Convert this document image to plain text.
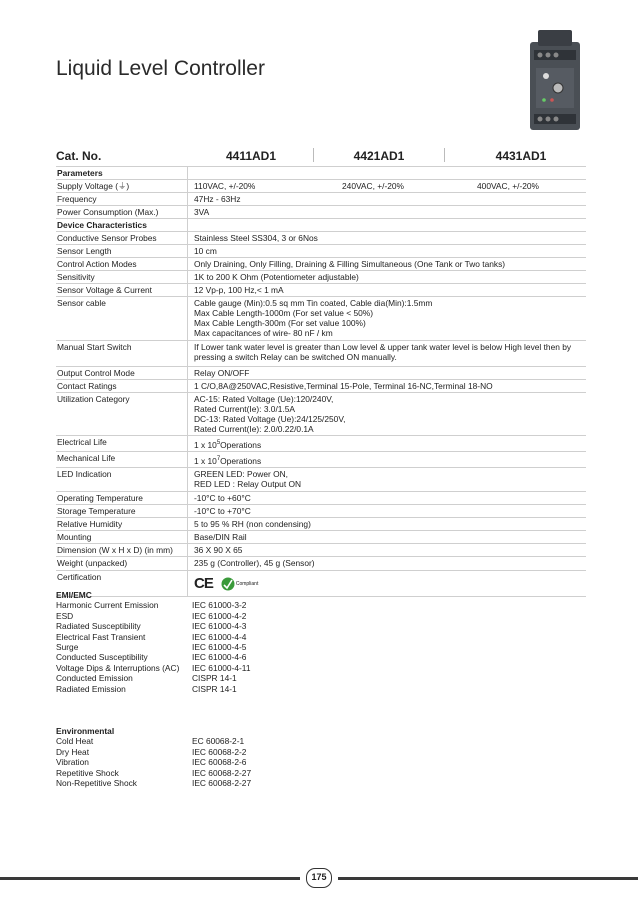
Liquid Level Controller
Cat. No.	4411AD1	4421AD1	4431AD1
Parameters
Supply Voltage (⏚)	110VAC, +/-20%	240VAC, +/-20%	400VAC, +/-20%
Frequency	47Hz - 63Hz
Power Consumption (Max.)	3VA
Device Characteristics
Conductive Sensor Probes	Stainless Steel SS304, 3 or 6Nos
Sensor Length	10 cm
Control Action Modes	Only Draining, Only Filling, Draining & Filling Simultaneous (One Tank or Two tanks)
Sensitivity	1K to 200 K Ohm (Potentiometer adjustable)
Sensor Voltage & Current	12 Vp-p, 100 Hz,< 1 mA
Sensor cable	Cable gauge (Min):0.5 sq mm Tin coated, Cable dia(Min):1.5mm
Max Cable Length-1000m (For set value < 50%)
Max Cable Length-300m (For set value 100%)
Max capacitances of wire- 80 nF / km

Manual Start Switch	If Lower tank water level is greater than Low level & upper tank water level is below High level then by pressing a switch Relay can be switched ON manually.

Output Control Mode	Relay ON/OFF
Contact Ratings	1 C/O,8A@250VAC,Resistive,Terminal 15-Pole, Terminal 16-NC,Terminal 18-NO
Utilization Category	AC-15: Rated Voltage (Ue):120/240V,
Rated Current(Ie): 3.0/1.5A
DC-13: Rated Voltage (Ue):24/125/250V,
Rated Current(Ie): 2.0/0.22/0.1A

Electrical Life	1 x $10^5Operations$
Mechanical Life	1 x $10^7Operations$
LED Indication	GREEN LED: Power ON,
RED LED : Relay Output ON

Operating Temperature	-10°C to +60°C
Storage Temperature	-10°C to +70°C
Relative Humidity	5 to 95 % RH (non condensing)
Mounting	Base/DIN Rail
Dimension (W x H x D) (in mm)	36 X 90 X 65
Weight (unpacked)	235 g (Controller), 45 g (Sensor)
Certification	CE	Compliant
EMI/EMC
Harmonic Current Emission	IEC 61000-3-2
ESD	IEC 61000-4-2
Radiated Susceptibility	IEC 61000-4-3
Electrical Fast Transient	IEC 61000-4-4
Surge	IEC 61000-4-5
Conducted Susceptibility	IEC 61000-4-6
Voltage Dips & Interruptions (AC)	IEC 61000-4-11
Conducted Emission	CISPR 14-1
Radiated Emission	CISPR 14-1
Environmental
Cold Heat	EC 60068-2-1
Dry Heat	IEC 60068-2-2
Vibration	IEC 60068-2-6
Repetitive Shock	IEC 60068-2-27
Non-Repetitive Shock	IEC 60068-2-27
175
